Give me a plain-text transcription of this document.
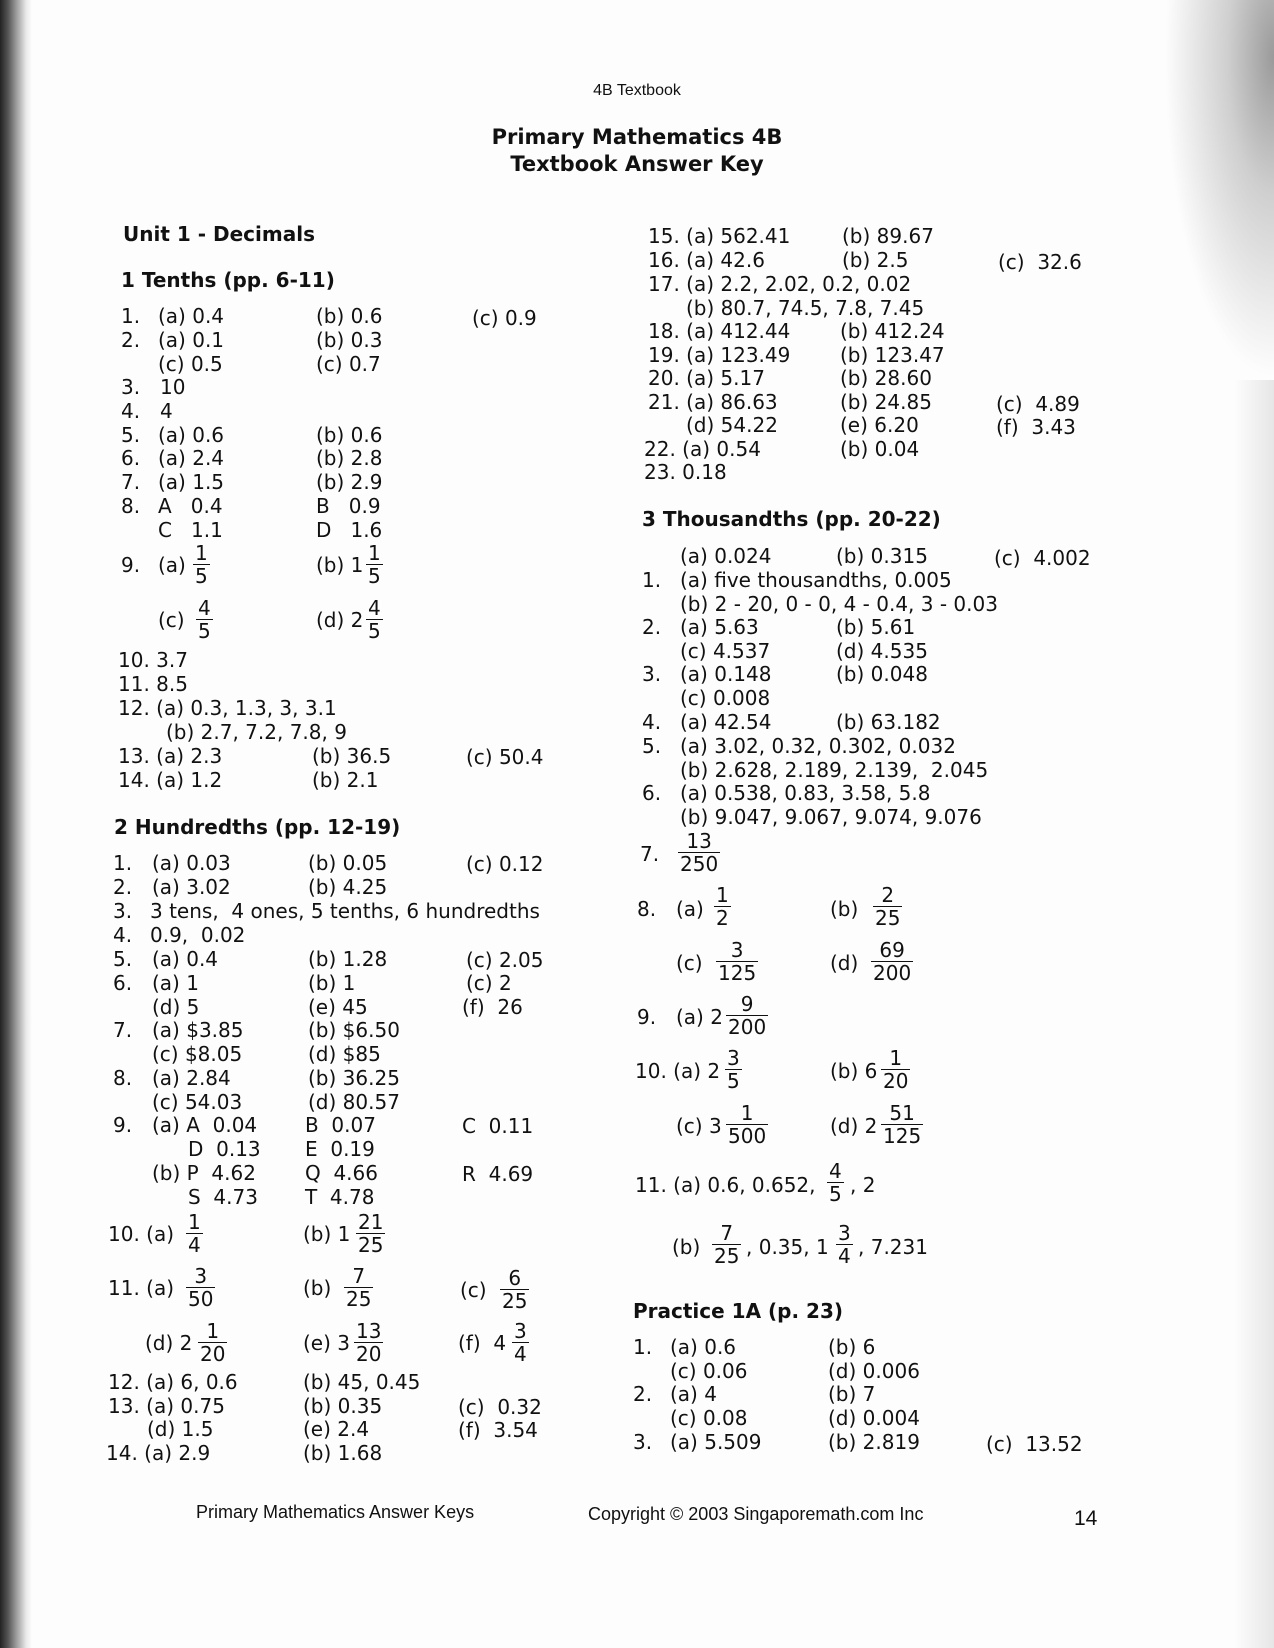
4B Textbook
Primary Mathematics 4B
Textbook Answer Key
Unit 1 - Decimals
1 Tenths (pp. 6-11)
1. (a) 0.4	(b) 0.6	(c) 0.9
2. (a) 0.1	(b) 0.3
(c) 0.5	(c) 0.7
3. 10
4. 4
5. (a) 0.6	(b) 0.6
6. (a) 2.4	(b) 2.8
7. (a) 1.5	(b) 2.9
8. A   0.4	B   0.9
C   1.1	D   1.6
9. $(a) \frac{1}{5}$	(b) $1 \frac{1}{5}$
$(c) \frac{4}{5}$	(d) $2 \frac{4}{5}$
10. 3.7
11. 8.5
12. (a) 0.3, 1.3, 3, 3.1
(b) 2.7, 7.2, 7.8, 9
13. (a) 2.3	(b) 36.5	(c) 50.4
14. (a) 1.2	(b) 2.1
2 Hundredths (pp. 12-19)
1. (a) 0.03	(b) 0.05	(c) 0.12
2. (a) 3.02	(b) 4.25
3. 3 tens,  4 ones, 5 tenths, 6 hundredths
4. 0.9,  0.02
5. (a) 0.4	(b) 1.28	(c) 2.05
6. (a) 1	(b) 1	(c) 2
(d) 5	(e) 45	(f)  26
7. (a) $3.85	(b) $6.50
(c) $8.05	(d) $85
8. (a) 2.84	(b) 36.25
(c) 54.03	(d) 80.57
9. (a) A  0.04 B  0.07	C  0.11
D  0.13 E  0.19
(b) P  4.62 Q  4.66	R  4.69
S  4.73 T  4.78
10. $(a) \frac{1}{4}$	(b) $1 \frac{21}{25}$
11. $(a) \frac{3}{50}$	$(b) \frac{7}{25}$	$(c) \frac{6}{25}$
(d) $2 \frac{1}{20}$	(e) $3 \frac{13}{20}$	(f)  $4 \frac{3}{4}$
12. (a) 6, 0.6	(b) 45, 0.45
13. (a) 0.75	(b) 0.35	(c)  0.32
(d) 1.5	(e) 2.4	(f)  3.54
14. (a) 2.9	(b) 1.68
15. (a) 562.41	(b) 89.67
16. (a) 42.6	(b) 2.5	(c)  32.6
17. (a) 2.2, 2.02, 0.2, 0.02
(b) 80.7, 74.5, 7.8, 7.45
18. (a) 412.44 (b) 412.24
19. (a) 123.49 (b) 123.47
20. (a) 5.17	(b) 28.60
21. (a) 86.63	(b) 24.85	(c)  4.89
(d) 54.22	(e) 6.20	(f)  3.43
22. (a) 0.54	(b) 0.04
23. 0.18
3 Thousandths (pp. 20-22)
(a) 0.024	(b) 0.315	(c)  4.002
1. (a) five thousandths, 0.005
(b) 2 - 20, 0 - 0, 4 - 0.4, 3 - 0.03
2. (a) 5.63	(b) 5.61
(c) 4.537	(d) 4.535
3. (a) 0.148	(b) 0.048
(c) 0.008
4. (a) 42.54	(b) 63.182
5. (a) 3.02, 0.32, 0.302, 0.032
(b) 2.628, 2.189, 2.139,  2.045
6. (a) 0.538, 0.83, 3.58, 5.8
(b) 9.047, 9.067, 9.074, 9.076
7. $\frac{13}{250}$
8. $(a) \frac{1}{2}$	$(b) \frac{2}{25}$
$(c) \frac{3}{125}$	$(d) \frac{69}{200}$
9. (a) $2 \frac{9}{200}$
10. (a) $2 \frac{3}{5}$	(b) $6 \frac{1}{20}$
(c) $3 \frac{1}{500}$	(d) $2 \frac{51}{125}$
11. (a) 0.6, 0.652, $\frac{4}{5}$ , 2
$(b) \frac{7}{25}$ , 0.35, $1 \frac{3}{4}$ , 7.231
Practice 1A (p. 23)
1. (a) 0.6	(b) 6
(c) 0.06	(d) 0.006
2. (a) 4	(b) 7
(c) 0.08	(d) 0.004
3. (a) 5.509	(b) 2.819	(c)  13.52
Primary Mathematics Answer Keys	Copyright © 2003 Singaporemath.com Inc	14
